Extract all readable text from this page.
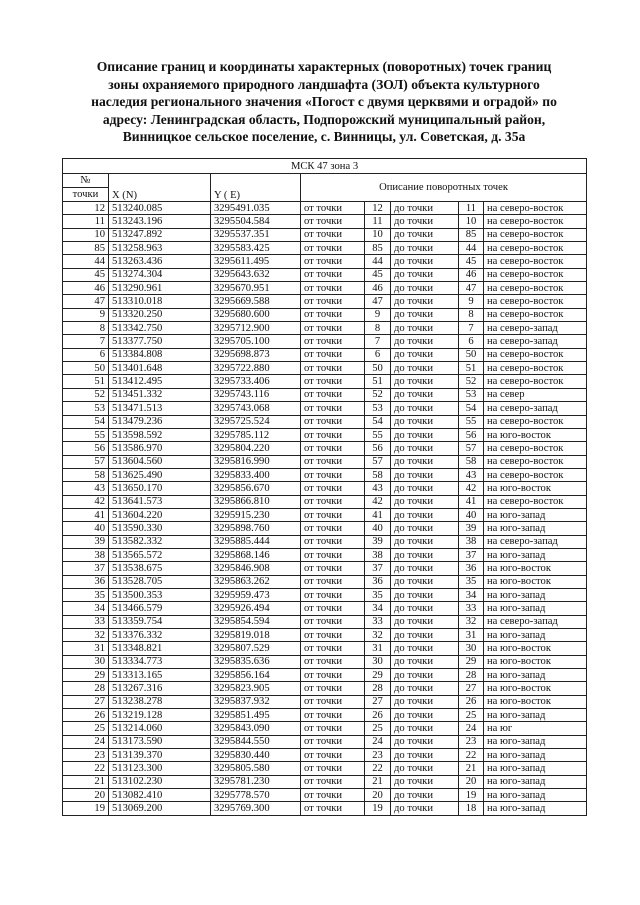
Описание границ и координаты характерных (поворотных) точек границ
зоны охраняемого природного ландшафта (ЗОЛ) объекта культурного
наследия регионального значения «Погост с двумя церквями и оградой» по
адресу: Ленинградская область, Подпорожский муниципальный район,
Винницкое сельское поселение, с. Винницы, ул. Советская, д. 35а
МСК 47 зона 3							
№	X (N)	Y ( E)	Описание поворотных точек				
точки							
12	513240.085	3295491.035	от точки	12	до точки	11	на северо-восток
11	513243.196	3295504.584	от точки	11	до точки	10	на северо-восток
10	513247.892	3295537.351	от точки	10	до точки	85	на северо-восток
85	513258.963	3295583.425	от точки	85	до точки	44	на северо-восток
44	513263.436	3295611.495	от точки	44	до точки	45	на северо-восток
45	513274.304	3295643.632	от точки	45	до точки	46	на северо-восток
46	513290.961	3295670.951	от точки	46	до точки	47	на северо-восток
47	513310.018	3295669.588	от точки	47	до точки	9	на северо-восток
9	513320.250	3295680.600	от точки	9	до точки	8	на северо-восток
8	513342.750	3295712.900	от точки	8	до точки	7	на северо-запад
7	513377.750	3295705.100	от точки	7	до точки	6	на северо-запад
6	513384.808	3295698.873	от точки	6	до точки	50	на северо-восток
50	513401.648	3295722.880	от точки	50	до точки	51	на северо-восток
51	513412.495	3295733.406	от точки	51	до точки	52	на северо-восток
52	513451.332	3295743.116	от точки	52	до точки	53	на север
53	513471.513	3295743.068	от точки	53	до точки	54	на северо-запад
54	513479.236	3295725.524	от точки	54	до точки	55	на северо-восток
55	513598.592	3295785.112	от точки	55	до точки	56	на юго-восток
56	513586.970	3295804.220	от точки	56	до точки	57	на северо-восток
57	513604.560	3295816.990	от точки	57	до точки	58	на северо-восток
58	513625.490	3295833.400	от точки	58	до точки	43	на северо-восток
43	513650.170	3295856.670	от точки	43	до точки	42	на юго-восток
42	513641.573	3295866.810	от точки	42	до точки	41	на северо-восток
41	513604.220	3295915.230	от точки	41	до точки	40	на юго-запад
40	513590.330	3295898.760	от точки	40	до точки	39	на юго-запад
39	513582.332	3295885.444	от точки	39	до точки	38	на северо-запад
38	513565.572	3295868.146	от точки	38	до точки	37	на юго-запад
37	513538.675	3295846.908	от точки	37	до точки	36	на юго-восток
36	513528.705	3295863.262	от точки	36	до точки	35	на юго-восток
35	513500.353	3295959.473	от точки	35	до точки	34	на юго-запад
34	513466.579	3295926.494	от точки	34	до точки	33	на юго-запад
33	513359.754	3295854.594	от точки	33	до точки	32	на северо-запад
32	513376.332	3295819.018	от точки	32	до точки	31	на юго-запад
31	513348.821	3295807.529	от точки	31	до точки	30	на юго-восток
30	513334.773	3295835.636	от точки	30	до точки	29	на юго-восток
29	513313.165	3295856.164	от точки	29	до точки	28	на юго-запад
28	513267.316	3295823.905	от точки	28	до точки	27	на юго-восток
27	513238.278	3295837.932	от точки	27	до точки	26	на юго-восток
26	513219.128	3295851.495	от точки	26	до точки	25	на юго-запад
25	513214.060	3295843.090	от точки	25	до точки	24	на юг
24	513173.590	3295844.550	от точки	24	до точки	23	на юго-запад
23	513139.370	3295830.440	от точки	23	до точки	22	на юго-запад
22	513123.300	3295805.580	от точки	22	до точки	21	на юго-запад
21	513102.230	3295781.230	от точки	21	до точки	20	на юго-запад
20	513082.410	3295778.570	от точки	20	до точки	19	на юго-запад
19	513069.200	3295769.300	от точки	19	до точки	18	на юго-запад
